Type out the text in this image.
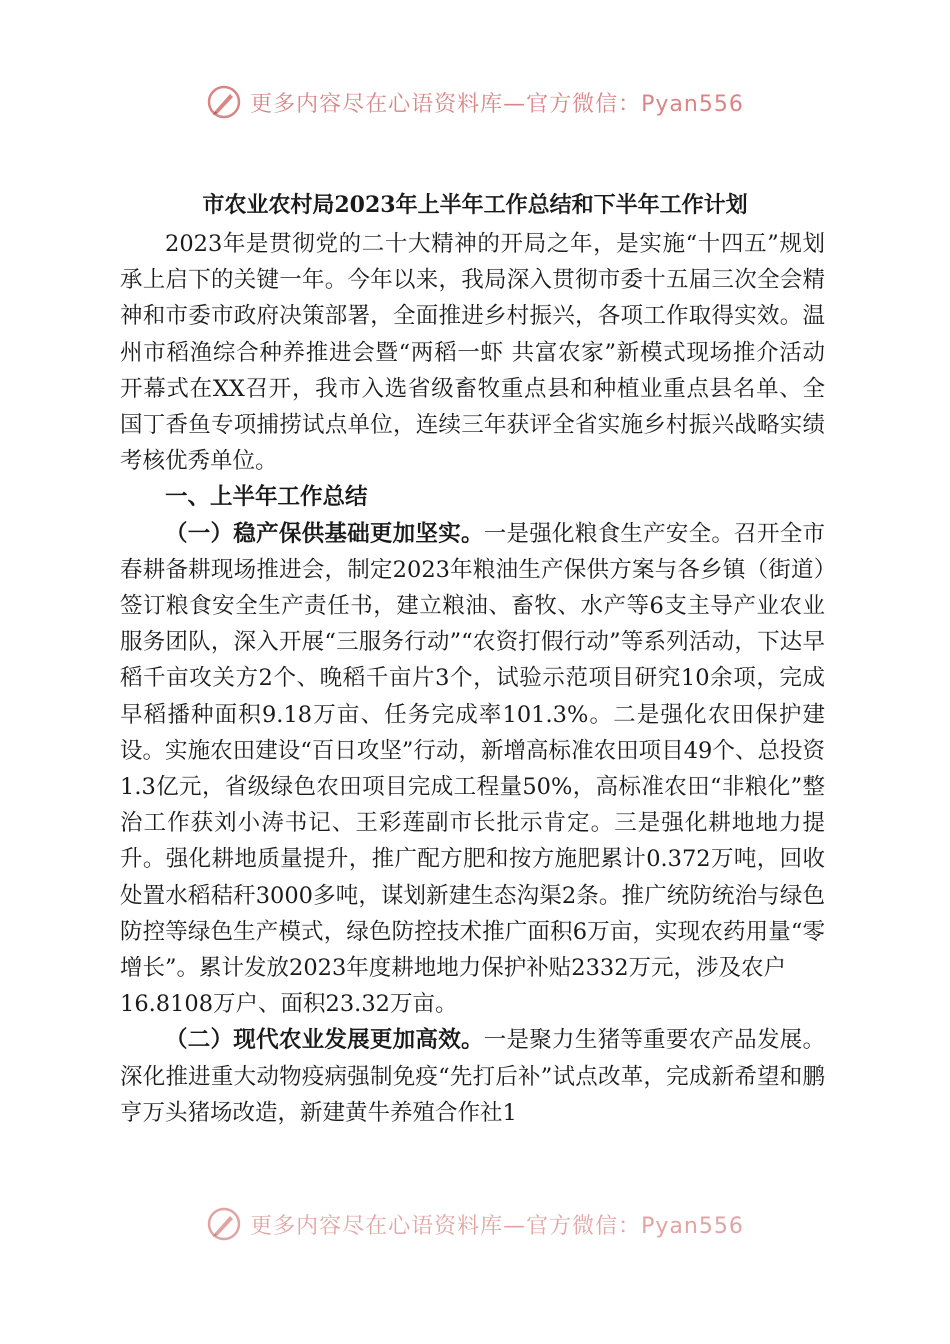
更多内容尽在心语资料库—官方微信：Pyan556
市农业农村局2023年上半年工作总结和下半年工作计划

2023年是贯彻党的二十大精神的开局之年，是实施“十四五”规划承上启下的关键一年。今年以来，我局深入贯彻市委十五届三次全会精神和市委市政府决策部署，全面推进乡村振兴，各项工作取得实效。温州市稻渔综合种养推进会暨“两稻一虾 共富农家”新模式现场推介活动开幕式在XX召开，我市入选省级畜牧重点县和种植业重点县名单、全国丁香鱼专项捕捞试点单位，连续三年获评全省实施乡村振兴战略实绩考核优秀单位。

一、上半年工作总结

（一）稳产保供基础更加坚实。一是强化粮食生产安全。召开全市春耕备耕现场推进会，制定2023年粮油生产保供方案与各乡镇（街道）签订粮食安全生产责任书，建立粮油、畜牧、水产等6支主导产业农业服务团队，深入开展“三服务行动”“农资打假行动”等系列活动，下达早稻千亩攻关方2个、晚稻千亩片3个，试验示范项目研究10余项，完成早稻播种面积9.18万亩、任务完成率101.3%。二是强化农田保护建设。实施农田建设“百日攻坚”行动，新增高标准农田项目49个、总投资1.3亿元，省级绿色农田项目完成工程量50%，高标准农田“非粮化”整治工作获刘小涛书记、王彩莲副市长批示肯定。三是强化耕地地力提升。强化耕地质量提升，推广配方肥和按方施肥累计0.372万吨，回收处置水稻秸秆3000多吨，谋划新建生态沟渠2条。推广统防统治与绿色防控等绿色生产模式，绿色防控技术推广面积6万亩，实现农药用量“零增长”。累计发放2023年度耕地地力保护补贴2332万元，涉及农户

16.8108万户、面积23.32万亩。

（二）现代农业发展更加高效。一是聚力生猪等重要农产品发展。深化推进重大动物疫病强制免疫“先打后补”试点改革，完成新希望和鹏亨万头猪场改造，新建黄牛养殖合作社1

更多内容尽在心语资料库—官方微信：Pyan556
